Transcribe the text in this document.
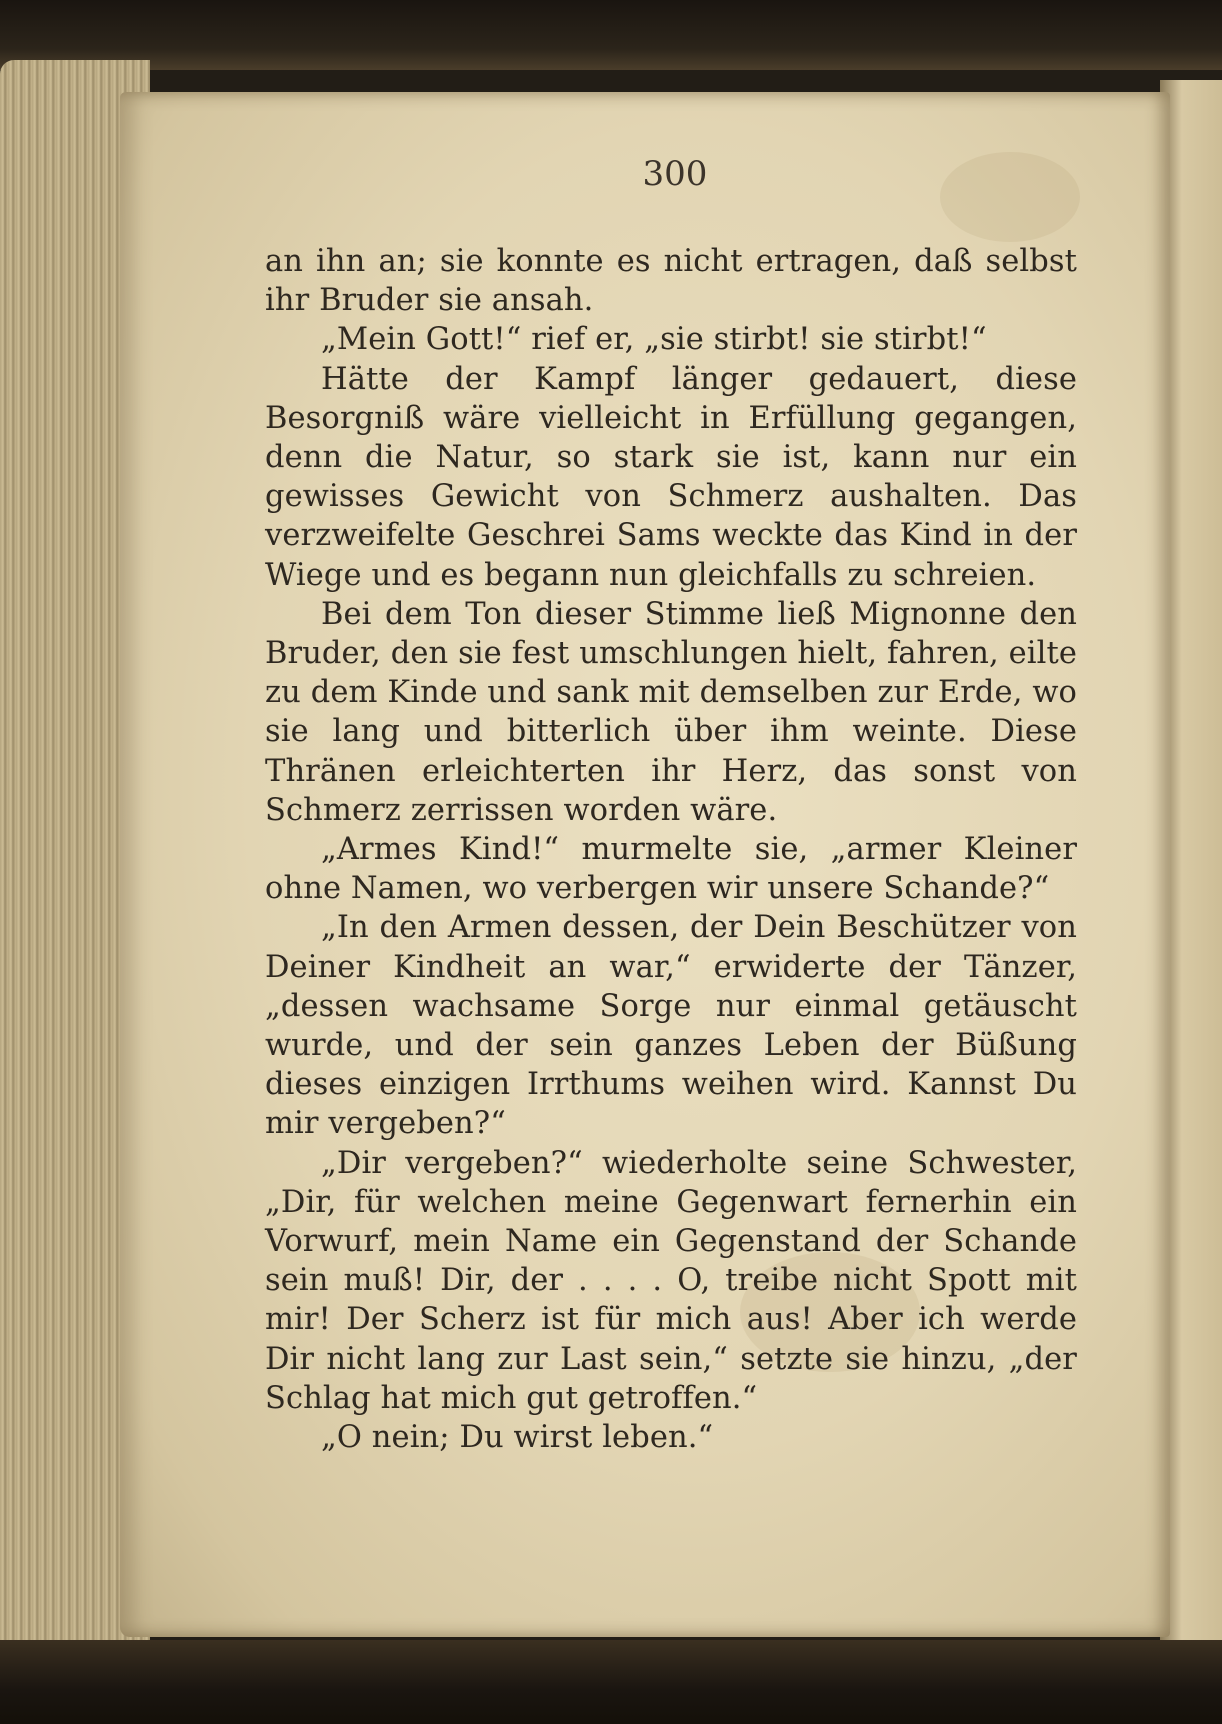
300

an ihn an; sie konnte es nicht ertragen, daß selbst ihr Bruder sie ansah.

„Mein Gott!“ rief er, „sie stirbt! sie stirbt!“

Hätte der Kampf länger gedauert, diese Besorgniß wäre vielleicht in Erfüllung gegangen, denn die Natur, so stark sie ist, kann nur ein gewisses Gewicht von Schmerz aushalten. Das verzweifelte Geschrei Sams weckte das Kind in der Wiege und es begann nun gleichfalls zu schreien.

Bei dem Ton dieser Stimme ließ Mignonne den Bruder, den sie fest umschlungen hielt, fahren, eilte zu dem Kinde und sank mit demselben zur Erde, wo sie lang und bitterlich über ihm weinte. Diese Thränen erleichterten ihr Herz, das sonst von Schmerz zerrissen worden wäre.

„Armes Kind!“ murmelte sie, „armer Kleiner ohne Namen, wo verbergen wir unsere Schande?“

„In den Armen dessen, der Dein Beschützer von Deiner Kindheit an war,“ erwiderte der Tänzer, „dessen wachsame Sorge nur einmal getäuscht wurde, und der sein ganzes Leben der Büßung dieses einzigen Irrthums weihen wird. Kannst Du mir vergeben?“

„Dir vergeben?“ wiederholte seine Schwester, „Dir, für welchen meine Gegenwart fernerhin ein Vorwurf, mein Name ein Gegenstand der Schande sein muß! Dir, der . . . . O, treibe nicht Spott mit mir! Der Scherz ist für mich aus! Aber ich werde Dir nicht lang zur Last sein,“ setzte sie hinzu, „der Schlag hat mich gut getroffen.“

„O nein; Du wirst leben.“
